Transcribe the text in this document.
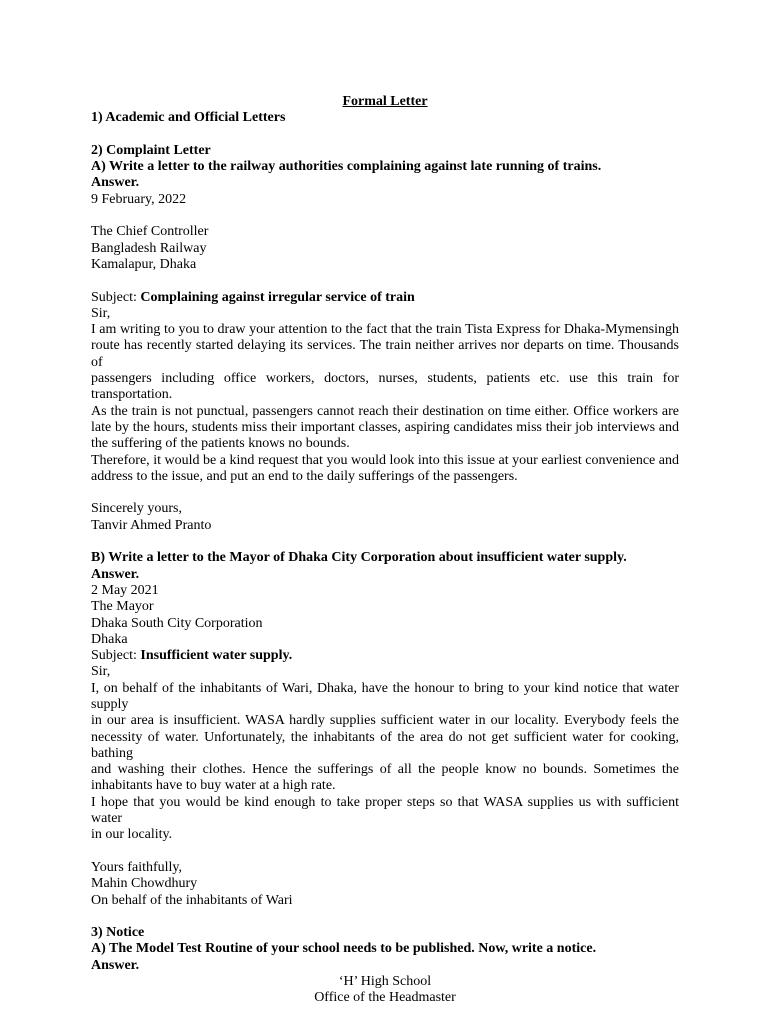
Formal Letter
1) Academic and Official Letters
2) Complaint Letter
A) Write a letter to the railway authorities complaining against late running of trains.
Answer.
9 February, 2022
The Chief Controller
Bangladesh Railway
Kamalapur, Dhaka
Subject: Complaining against irregular service of train
Sir,
I am writing to you to draw your attention to the fact that the train Tista Express for Dhaka-Mymensingh
route has recently started delaying its services. The train neither arrives nor departs on time. Thousands of
passengers including office workers, doctors, nurses, students, patients etc. use this train for transportation.
As the train is not punctual, passengers cannot reach their destination on time either. Office workers are
late by the hours, students miss their important classes, aspiring candidates miss their job interviews and
the suffering of the patients knows no bounds.
Therefore, it would be a kind request that you would look into this issue at your earliest convenience and
address to the issue, and put an end to the daily sufferings of the passengers.
Sincerely yours,
Tanvir Ahmed Pranto
B) Write a letter to the Mayor of Dhaka City Corporation about insufficient water supply.
Answer.
2 May 2021
The Mayor
Dhaka South City Corporation
Dhaka
Subject: Insufficient water supply.
Sir,
I, on behalf of the inhabitants of Wari, Dhaka, have the honour to bring to your kind notice that water supply
in our area is insufficient. WASA hardly supplies sufficient water in our locality. Everybody feels the
necessity of water. Unfortunately, the inhabitants of the area do not get sufficient water for cooking, bathing
and washing their clothes. Hence the sufferings of all the people know no bounds. Sometimes the
inhabitants have to buy water at a high rate.
I hope that you would be kind enough to take proper steps so that WASA supplies us with sufficient water
in our locality.
Yours faithfully,
Mahin Chowdhury
On behalf of the inhabitants of Wari
3) Notice
A) The Model Test Routine of your school needs to be published. Now, write a notice.
Answer.
‘H’ High School
Office of the Headmaster
